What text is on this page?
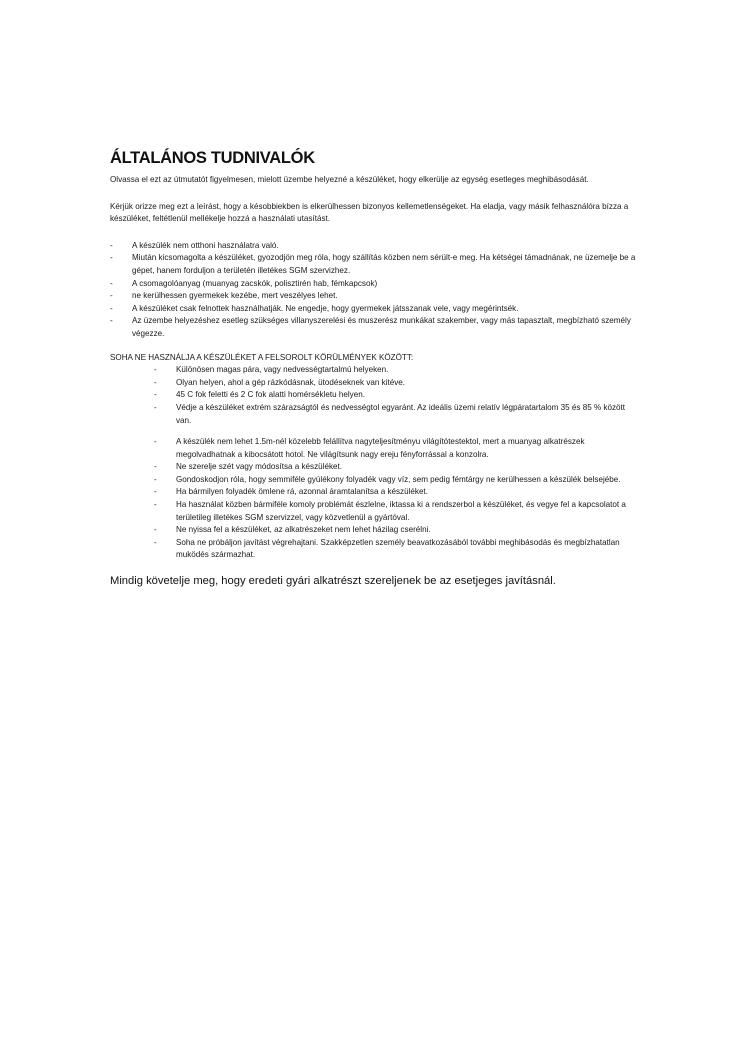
ÁLTALÁNOS TUDNIVALÓK

Olvassa el ezt az útmutatót figyelmesen, mielott üzembe helyezné a készüléket, hogy elkerülje az egység esetleges meghibásodását.

Kérjük orizze meg ezt a leírást, hogy a késobbiekben is elkerülhessen bizonyos kellemetlenségeket. Ha eladja, vagy másik felhasználóra bízza a készüléket, feltétlenül mellékelje hozzá a használati utasítást.

- A készülék nem otthoni használatra való.
- Miután kicsomagolta a készüléket, gyozodjön meg róla, hogy szállítás közben nem sérült-e meg. Ha kétségei támadnának, ne üzemelje be a gépet, hanem forduljon a területén illetékes SGM szervizhez.
- A csomagolóanyag (muanyag zacskók, polisztirén hab, fémkapcsok)
- ne kerülhessen gyermekek kezébe, mert veszélyes lehet.
- A készüléket csak felnottek használhatják. Ne engedje, hogy gyermekek játsszanak vele, vagy megérintsék.
- Az üzembe helyezéshez esetleg szükséges villanyszerelési és muszerész munkákat szakember, vagy más tapasztalt, megbízható személy végezze.

SOHA NE HASZNÁLJA A KÉSZÜLÉKET A FELSOROLT KÖRÜLMÉNYEK KÖZÖTT:

- Különösen magas pára, vagy nedvességtartalmú helyeken.
- Olyan helyen, ahol a gép rázkódásnak, ütodéseknek van kitéve.
- 45 C fok feletti és 2 C fok alatti homérsékletu helyen.
- Védje a készüléket extrém szárazságtól és nedvességtol egyaránt. Az ideális üzemi relatív légpáratartalom 35 és 85 % között van.
- A készülék nem lehet 1.5m-nél közelebb felállítva nagyteljesítményu világítótestektol, mert a muanyag alkatrészek megolvadhatnak a kibocsátott hotol. Ne világítsunk nagy ereju fényforrással a konzolra.
- Ne szerelje szét vagy módosítsa a készüléket.
- Gondoskodjon róla, hogy semmiféle gyúlékony folyadék vagy víz, sem pedig fémtárgy ne kerülhessen a készülék belsejébe.
- Ha bármilyen folyadék ömlene rá, azonnal áramtalanítsa a készüléket.
- Ha használat közben bármiféle komoly problémát észlelne, iktassa ki a rendszerbol a készüléket, és vegye fel a kapcsolatot a területileg illetékes SGM szervizzel, vagy közvetlenül a gyártóval.
- Ne nyissa fel a készüléket, az alkatrészeket nem lehet házilag cserélni.
- Soha ne próbáljon javítást végrehajtani. Szakképzetlen személy beavatkozásából további meghibásodás és megbízhatatlan muködés származhat.

Mindig követelje meg, hogy eredeti gyári alkatrészt szereljenek be az esetjeges javításnál.
